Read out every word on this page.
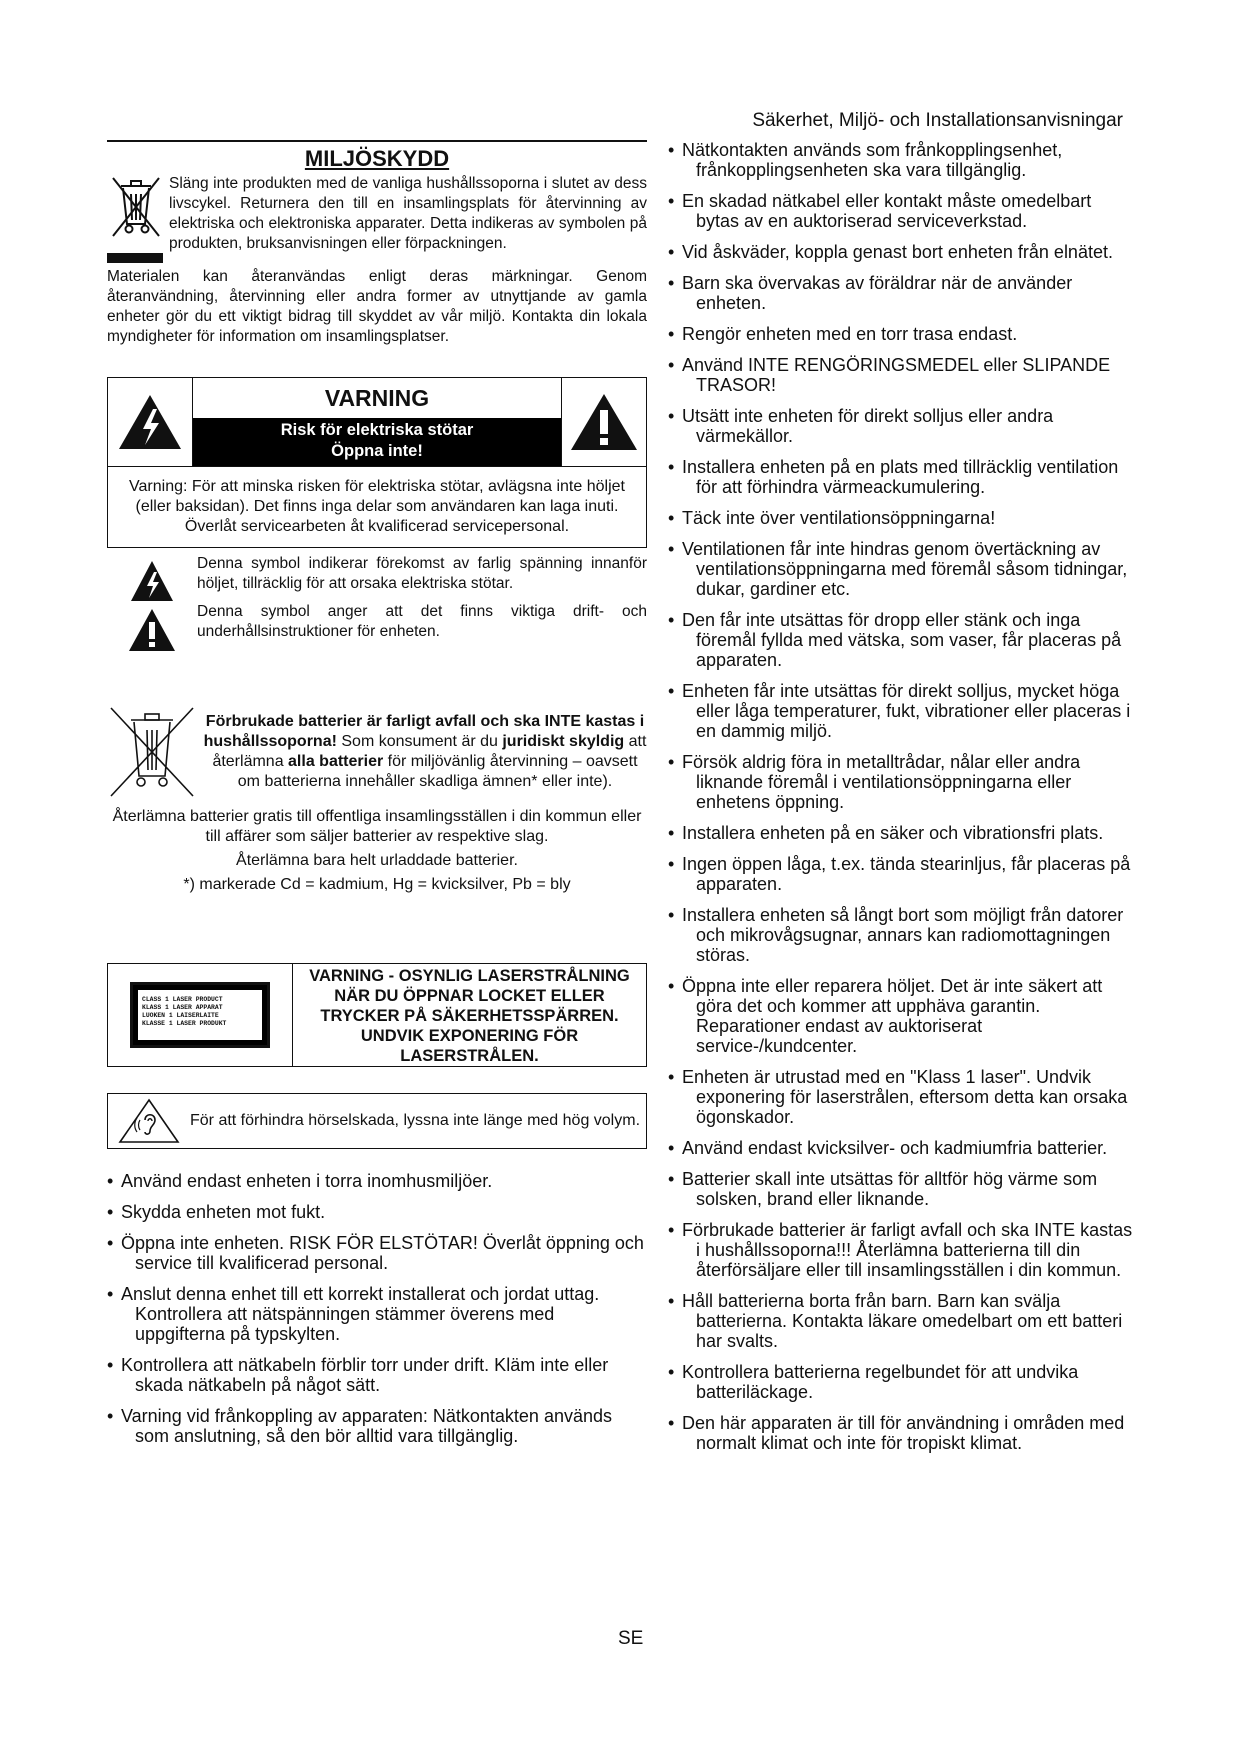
Säkerhet, Miljö- och Installationsanvisningar
MILJÖSKYDD
Släng inte produkten med de vanliga hushållssoporna i slutet av dess livscykel. Returnera den till en insamlingsplats för återvinning av elektriska och elektroniska apparater. Detta indikeras av symbolen på produkten, bruksanvisningen eller förpackningen.
Materialen kan återanvändas enligt deras märkningar. Genom återanvändning, återvinning eller andra former av utnyttjande av gamla enheter gör du ett viktigt bidrag till skyddet av vår miljö. Kontakta din lokala myndigheter för information om insamlingsplatser.
VARNING
Risk för elektriska stötar
Öppna inte!
Varning: För att minska risken för elektriska stötar, avlägsna inte höljet (eller baksidan). Det finns inga delar som användaren kan laga inuti. Överlåt servicearbeten åt kvalificerad servicepersonal.
Denna symbol indikerar förekomst av farlig spänning innanför höljet, tillräcklig för att orsaka elektriska stötar.
Denna symbol anger att det finns viktiga drift- och underhållsinstruktioner för enheten.
Förbrukade batterier är farligt avfall och ska INTE kastas i hushållssoporna! Som konsument är du juridiskt skyldig att återlämna alla batterier för miljövänlig återvinning – oavsett om batterierna innehåller skadliga ämnen* eller inte).
Återlämna batterier gratis till offentliga insamlingsställen i din kommun eller till affärer som säljer batterier av respektive slag.
Återlämna bara helt urladdade batterier.
*) markerade Cd = kadmium, Hg = kvicksilver, Pb = bly
CLASS 1 LASER PRODUCT
KLASS 1 LASER APPARAT
LUOKEN 1 LAISERLAITE
KLASSE 1 LASER PRODUKT
VARNING - OSYNLIG LASERSTRÅLNING NÄR DU ÖPPNAR LOCKET ELLER TRYCKER PÅ SÄKERHETSSPÄRREN. UNDVIK EXPONERING FÖR LASERSTRÅLEN.
För att förhindra hörselskada, lyssna inte länge med hög volym.
• Använd endast enheten i torra inomhusmiljöer.
• Skydda enheten mot fukt.
• Öppna inte enheten. RISK FÖR ELSTÖTAR! Överlåt öppning och service till kvalificerad personal.
• Anslut denna enhet till ett korrekt installerat och jordat uttag. Kontrollera att nätspänningen stämmer överens med uppgifterna på typskylten.
• Kontrollera att nätkabeln förblir torr under drift. Kläm inte eller skada nätkabeln på något sätt.
• Varning vid frånkoppling av apparaten: Nätkontakten används som anslutning, så den bör alltid vara tillgänglig.
• Nätkontakten används som frånkopplingsenhet, frånkopplingsenheten ska vara tillgänglig.
• En skadad nätkabel eller kontakt måste omedelbart bytas av en auktoriserad serviceverkstad.
• Vid åskväder, koppla genast bort enheten från elnätet.
• Barn ska övervakas av föräldrar när de använder enheten.
• Rengör enheten med en torr trasa endast.
• Använd INTE RENGÖRINGSMEDEL eller SLIPANDE TRASOR!
• Utsätt inte enheten för direkt solljus eller andra värmekällor.
• Installera enheten på en plats med tillräcklig ventilation för att förhindra värmeackumulering.
• Täck inte över ventilationsöppningarna!
• Ventilationen får inte hindras genom övertäckning av ventilationsöppningarna med föremål såsom tidningar, dukar, gardiner etc.
• Den får inte utsättas för dropp eller stänk och inga föremål fyllda med vätska, som vaser, får placeras på apparaten.
• Enheten får inte utsättas för direkt solljus, mycket höga eller låga temperaturer, fukt, vibrationer eller placeras i en dammig miljö.
• Försök aldrig föra in metalltrådar, nålar eller andra liknande föremål i ventilationsöppningarna eller enhetens öppning.
• Installera enheten på en säker och vibrationsfri plats.
• Ingen öppen låga, t.ex. tända stearinljus, får placeras på apparaten.
• Installera enheten så långt bort som möjligt från datorer och mikrovågsugnar, annars kan radiomottagningen störas.
• Öppna inte eller reparera höljet. Det är inte säkert att göra det och kommer att upphäva garantin. Reparationer endast av auktoriserat service-/kundcenter.
• Enheten är utrustad med en "Klass 1 laser". Undvik exponering för laserstrålen, eftersom detta kan orsaka ögonskador.
• Använd endast kvicksilver- och kadmiumfria batterier.
• Batterier skall inte utsättas för alltför hög värme som solsken, brand eller liknande.
• Förbrukade batterier är farligt avfall och ska INTE kastas i hushållssoporna!!! Återlämna batterierna till din återförsäljare eller till insamlingsställen i din kommun.
• Håll batterierna borta från barn. Barn kan svälja batterierna. Kontakta läkare omedelbart om ett batteri har svalts.
• Kontrollera batterierna regelbundet för att undvika batteriläckage.
• Den här apparaten är till för användning i områden med normalt klimat och inte för tropiskt klimat.
SE
